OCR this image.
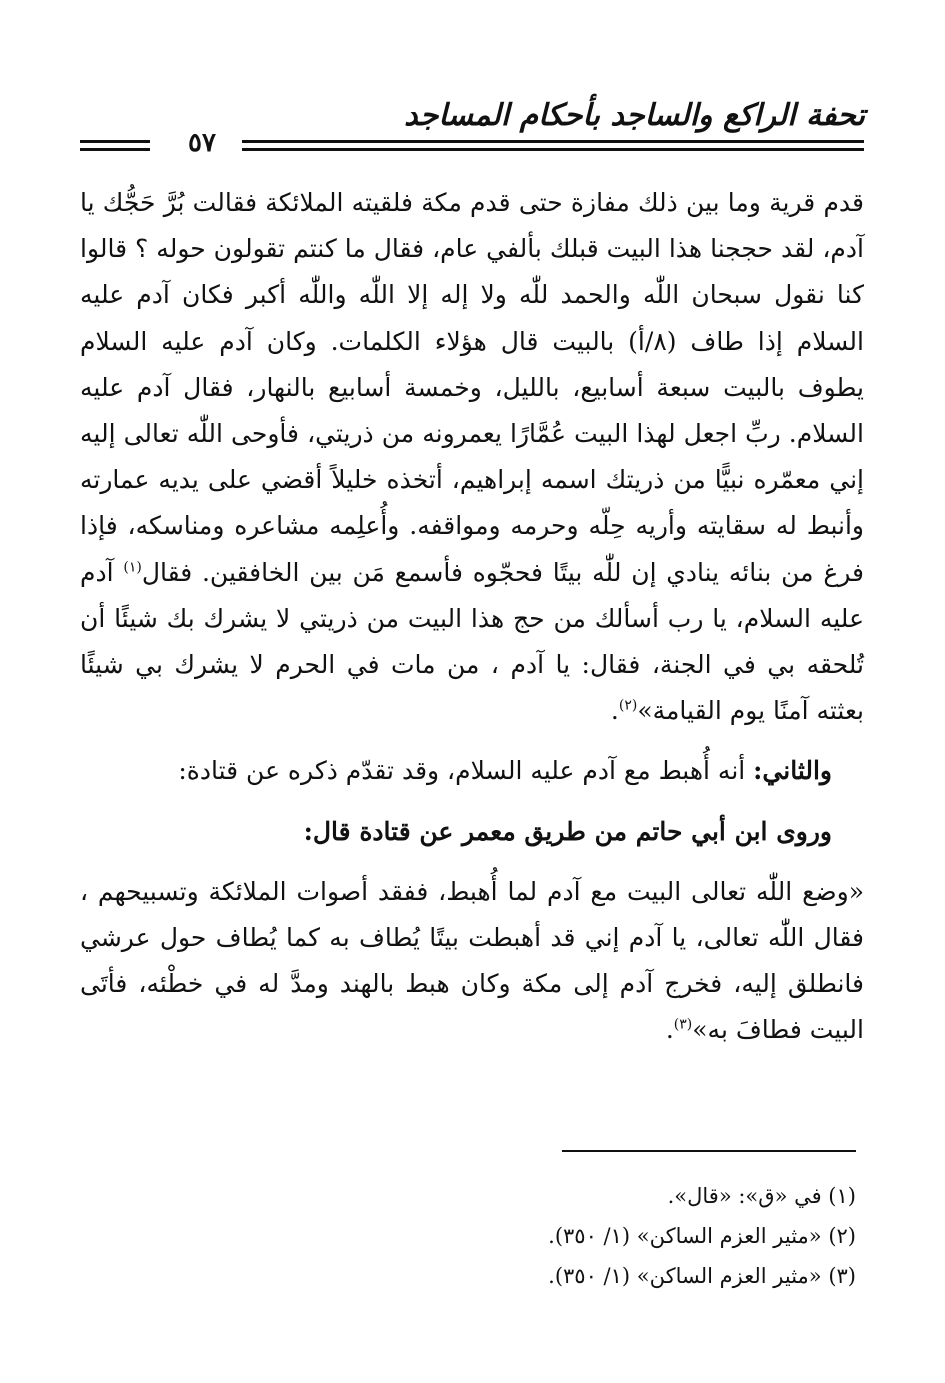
تحفة الراكع والساجد بأحكام المساجد
٥٧

قدم قرية وما بين ذلك مفازة حتى قدم مكة فلقيته الملائكة فقالت بُرَّ حَجُّك يا آدم، لقد حججنا هذا البيت قبلك بألفي عام، فقال ما كنتم تقولون حوله ؟ قالوا كنا نقول سبحان اللّٰه والحمد للّٰه ولا إله إلا اللّٰه واللّٰه أكبر فكان آدم عليه السلام إذا طاف (٨/أ) بالبيت قال هؤلاء الكلمات. وكان آدم عليه السلام يطوف بالبيت سبعة أسابيع، بالليل، وخمسة أسابيع بالنهار، فقال آدم عليه السلام. ربِّ اجعل لهذا البيت عُمَّارًا يعمرونه من ذريتي، فأوحى اللّٰه تعالى إليه إني معمّره نبيًّا من ذريتك اسمه إبراهيم، أتخذه خليلاً أقضي على يديه عمارته وأنبط له سقايته وأريه حِلّه وحرمه ومواقفه. وأُعلِمه مشاعره ومناسكه، فإذا فرغ من بنائه ينادي إن للّٰه بيتًا فحجّوه فأسمع مَن بين الخافقين. فقال$^{(١)}$ آدم عليه السلام، يا رب أسألك من حج هذا البيت من ذريتي لا يشرك بك شيئًا أن تُلحقه بي في الجنة، فقال: يا آدم ، من مات في الحرم لا يشرك بي شيئًا بعثته آمنًا يوم القيامة»$^{(٢)}$.

والثاني: أنه أُهبط مع آدم عليه السلام، وقد تقدّم ذكره عن قتادة:

وروى ابن أبي حاتم من طريق معمر عن قتادة قال:

«وضع اللّٰه تعالى البيت مع آدم لما أُهبط، ففقد أصوات الملائكة وتسبيحهم ، فقال اللّٰه تعالى، يا آدم إني قد أهبطت بيتًا يُطاف به كما يُطاف حول عرشي فانطلق إليه، فخرج آدم إلى مكة وكان هبط بالهند ومدَّ له في خطْئه، فأتَى البيت فطافَ به»$^{(٣)}$.

(١) في «ق»: «قال».

(٢) «مثير العزم الساكن» (١/ ٣٥٠).

(٣) «مثير العزم الساكن» (١/ ٣٥٠).
